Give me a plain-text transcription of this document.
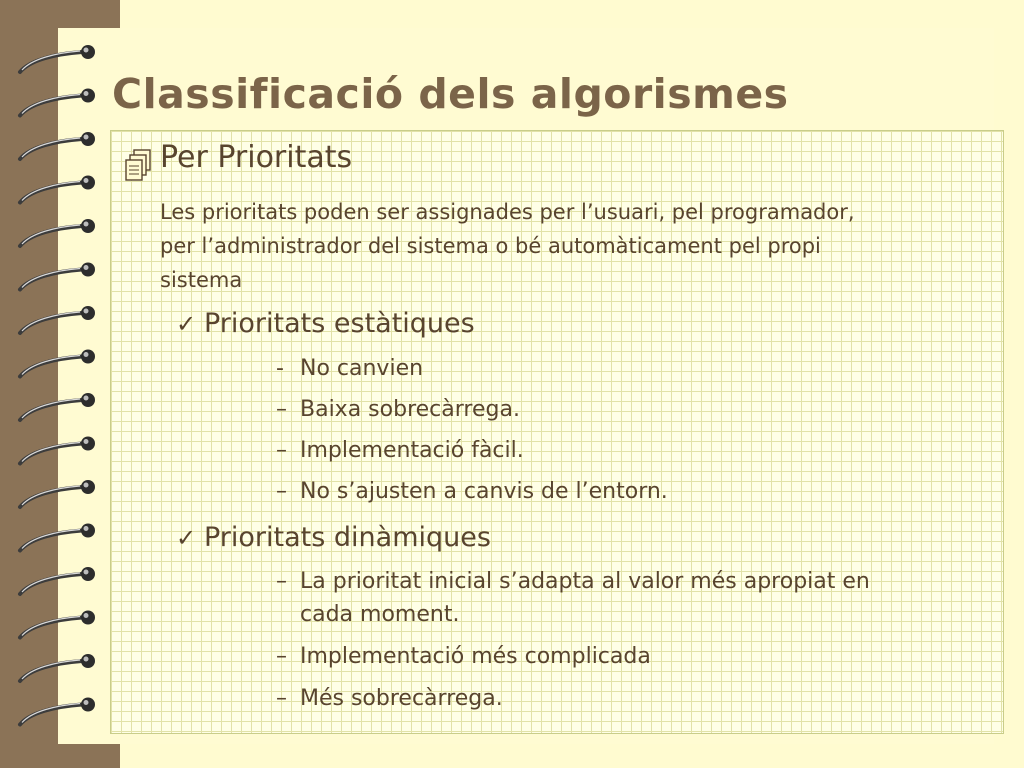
Classificació dels algorismes
Per Prioritats
Les prioritats poden ser assignades per l’usuari, pel programador, per l’administrador del sistema o bé automàticament pel propi sistema
✓ Prioritats estàtiques
- No canvien
– Baixa sobrecàrrega.
– Implementació fàcil.
– No s’ajusten a canvis de l’entorn.
✓ Prioritats dinàmiques
– La prioritat inicial s’adapta al valor més apropiat en
cada moment.
– Implementació més complicada
– Més sobrecàrrega.
